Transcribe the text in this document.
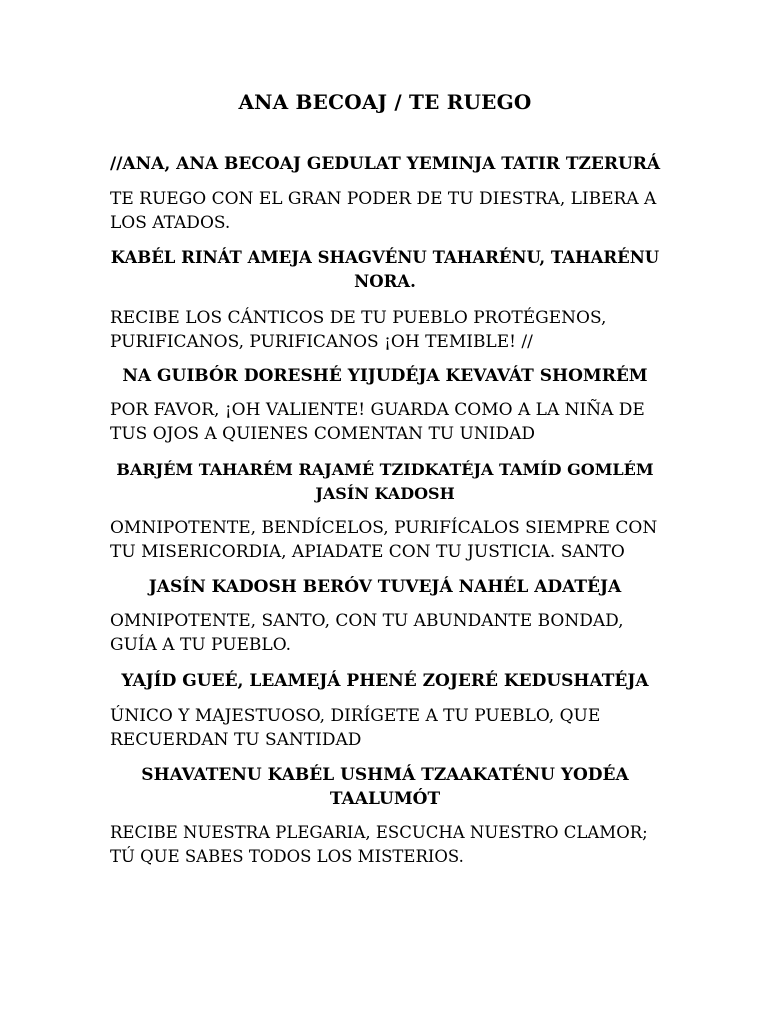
ANA BECOAJ / TE RUEGO
//ANA, ANA BECOAJ GEDULAT YEMINJA TATIR TZERURÁ
TE RUEGO CON EL GRAN PODER DE TU DIESTRA, LIBERA A
LOS ATADOS.
KABÉL RINÁT AMEJA SHAGVÉNU TAHARÉNU, TAHARÉNU
NORA.
RECIBE LOS CÁNTICOS DE TU PUEBLO PROTÉGENOS,
PURIFICANOS, PURIFICANOS ¡OH TEMIBLE! //
NA GUIBÓR DORESHÉ YIJUDÉJA KEVAVÁT SHOMRÉM
POR FAVOR, ¡OH VALIENTE! GUARDA COMO A LA NIÑA DE
TUS OJOS A QUIENES COMENTAN TU UNIDAD
BARJÉM TAHARÉM RAJAMÉ TZIDKATÉJA TAMÍD GOMLÉM
JASÍN KADOSH
OMNIPOTENTE, BENDÍCELOS, PURIFÍCALOS SIEMPRE CON
TU MISERICORDIA, APIADATE CON TU JUSTICIA. SANTO
JASÍN KADOSH BERÓV TUVEJÁ NAHÉL ADATÉJA
OMNIPOTENTE, SANTO, CON TU ABUNDANTE BONDAD,
GUÍA A TU PUEBLO.
YAJÍD GUEÉ, LEAMEJÁ PHENÉ ZOJERÉ KEDUSHATÉJA
ÚNICO Y MAJESTUOSO, DIRÍGETE A TU PUEBLO, QUE
RECUERDAN TU SANTIDAD
SHAVATENU KABÉL USHMÁ TZAAKATÉNU YODÉA
TAALUMÓT
RECIBE NUESTRA PLEGARIA, ESCUCHA NUESTRO CLAMOR;
TÚ QUE SABES TODOS LOS MISTERIOS.
